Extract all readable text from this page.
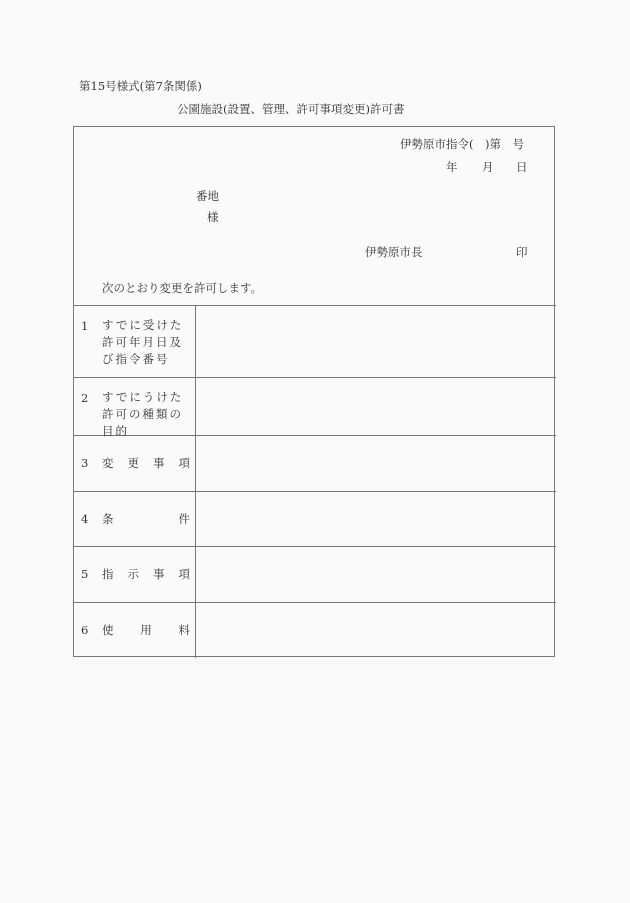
第15号様式(第7条関係)
公園施設(設置、管理、許可事項変更)許可書
伊勢原市指令(　)第　号
年 月 日
番地
様
伊勢原市長	印
次のとおり変更を許可します。
1 すでに受けた許可年月日及び指令番号
2 すでにうけた許可の種類の目的
3 変 更 事 項
4 条	件
5 指 示 事 項
6 使 用 料
